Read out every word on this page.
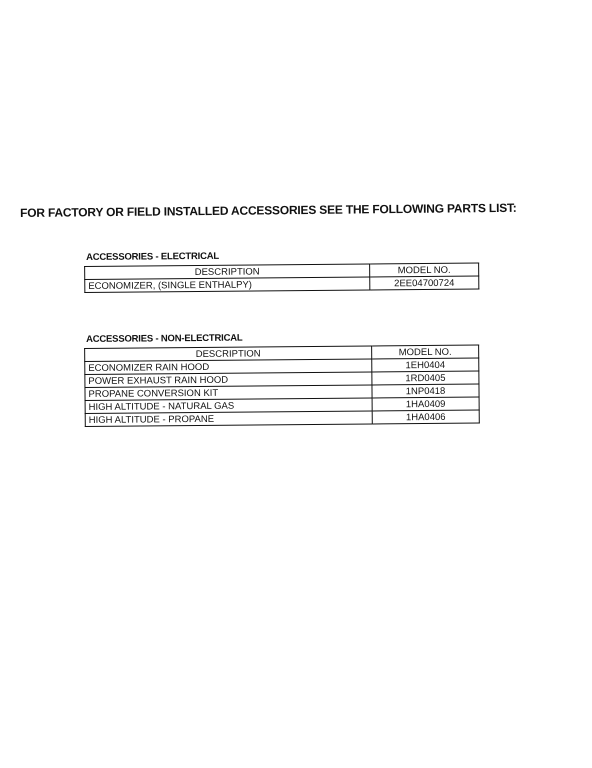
FOR FACTORY OR FIELD INSTALLED ACCESSORIES SEE THE FOLLOWING PARTS LIST:
ACCESSORIES - ELECTRICAL
DESCRIPTION	MODEL NO.
ECONOMIZER, (SINGLE ENTHALPY)	2EE04700724
ACCESSORIES - NON-ELECTRICAL
DESCRIPTION	MODEL NO.
ECONOMIZER RAIN HOOD	1EH0404
POWER EXHAUST RAIN HOOD	1RD0405
PROPANE CONVERSION KIT	1NP0418
HIGH ALTITUDE - NATURAL GAS	1HA0409
HIGH ALTITUDE - PROPANE	1HA0406
